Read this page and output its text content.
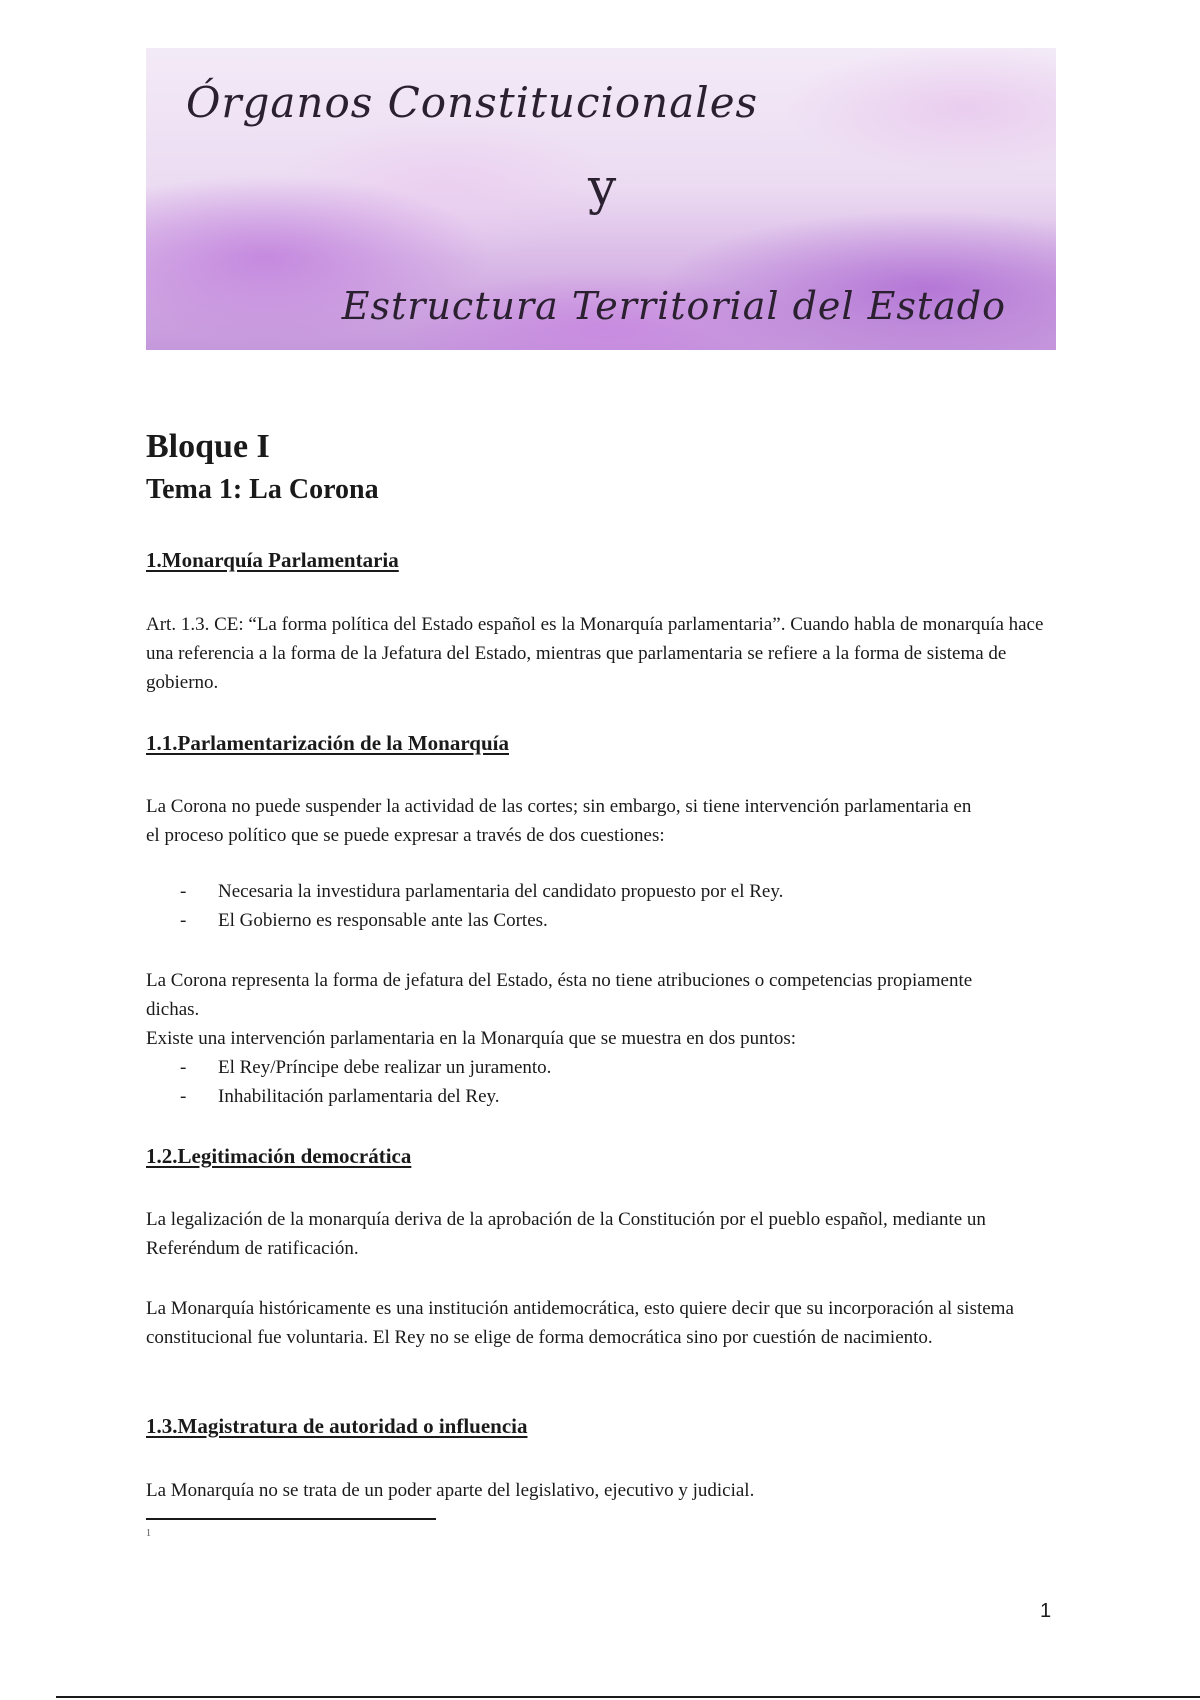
Órganos Constitucionales
y
Estructura Territorial del Estado
Bloque I
Tema 1: La Corona
1.Monarquía Parlamentaria

Art. 1.3. CE: “La forma política del Estado español es la Monarquía parlamentaria”. Cuando habla de monarquía hace una referencia a la forma de la Jefatura del Estado, mientras que parlamentaria se refiere a la forma de sistema de gobierno.

1.1.Parlamentarización de la Monarquía

La Corona no puede suspender la actividad de las cortes; sin embargo, si tiene intervención parlamentaria en el proceso político que se puede expresar a través de dos cuestiones:

- Necesaria la investidura parlamentaria del candidato propuesto por el Rey.
- El Gobierno es responsable ante las Cortes.

La Corona representa la forma de jefatura del Estado, ésta no tiene atribuciones o competencias propiamente dichas.

Existe una intervención parlamentaria en la Monarquía que se muestra en dos puntos:

- El Rey/Príncipe debe realizar un juramento.
- Inhabilitación parlamentaria del Rey.
1.2.Legitimación democrática

La legalización de la monarquía deriva de la aprobación de la Constitución por el pueblo español, mediante un Referéndum de ratificación.

La Monarquía históricamente es una institución antidemocrática, esto quiere decir que su incorporación al sistema constitucional fue voluntaria. El Rey no se elige de forma democrática sino por cuestión de nacimiento.

1.3.Magistratura de autoridad o influencia

La Monarquía no se trata de un poder aparte del legislativo, ejecutivo y judicial.

1
1
